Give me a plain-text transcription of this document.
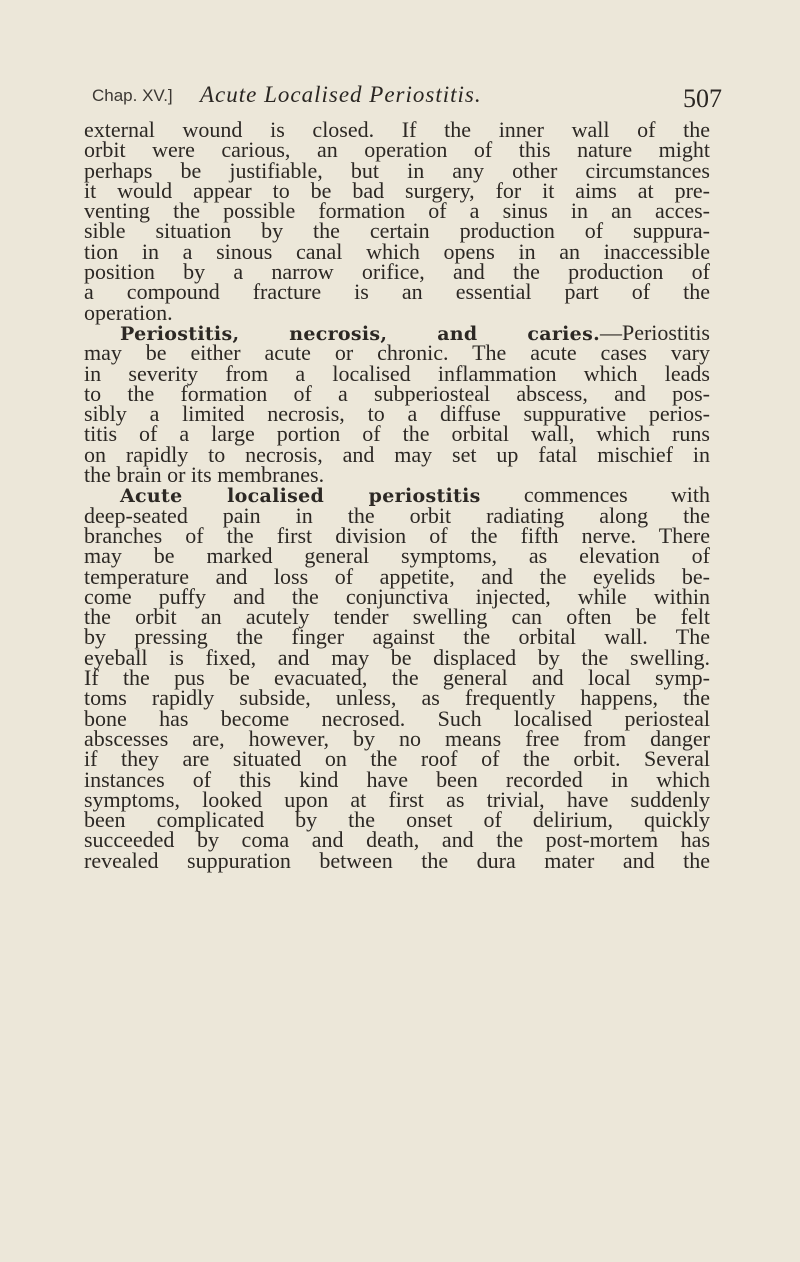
Chap. XV.] Acute Localised Periostitis.	507
external wound is closed. If the inner wall of the
orbit were carious, an operation of this nature might
perhaps be justifiable, but in any other circumstances
it would appear to be bad surgery, for it aims at pre-
venting the possible formation of a sinus in an acces-
sible situation by the certain production of suppura-
tion in a sinous canal which opens in an inaccessible
position by a narrow orifice, and the production of
a compound fracture is an essential part of the
operation.
Periostitis, necrosis, and caries.—Periostitis
may be either acute or chronic. The acute cases vary
in severity from a localised inflammation which leads
to the formation of a subperiosteal abscess, and pos-
sibly a limited necrosis, to a diffuse suppurative perios-
titis of a large portion of the orbital wall, which runs
on rapidly to necrosis, and may set up fatal mischief in
the brain or its membranes.
Acute localised periostitis commences with
deep-seated pain in the orbit radiating along the
branches of the first division of the fifth nerve. There
may be marked general symptoms, as elevation of
temperature and loss of appetite, and the eyelids be-
come puffy and the conjunctiva injected, while within
the orbit an acutely tender swelling can often be felt
by pressing the finger against the orbital wall. The
eyeball is fixed, and may be displaced by the swelling.
If the pus be evacuated, the general and local symp-
toms rapidly subside, unless, as frequently happens, the
bone has become necrosed. Such localised periosteal
abscesses are, however, by no means free from danger
if they are situated on the roof of the orbit. Several
instances of this kind have been recorded in which
symptoms, looked upon at first as trivial, have suddenly
been complicated by the onset of delirium, quickly
succeeded by coma and death, and the post-mortem has
revealed suppuration between the dura mater and the
